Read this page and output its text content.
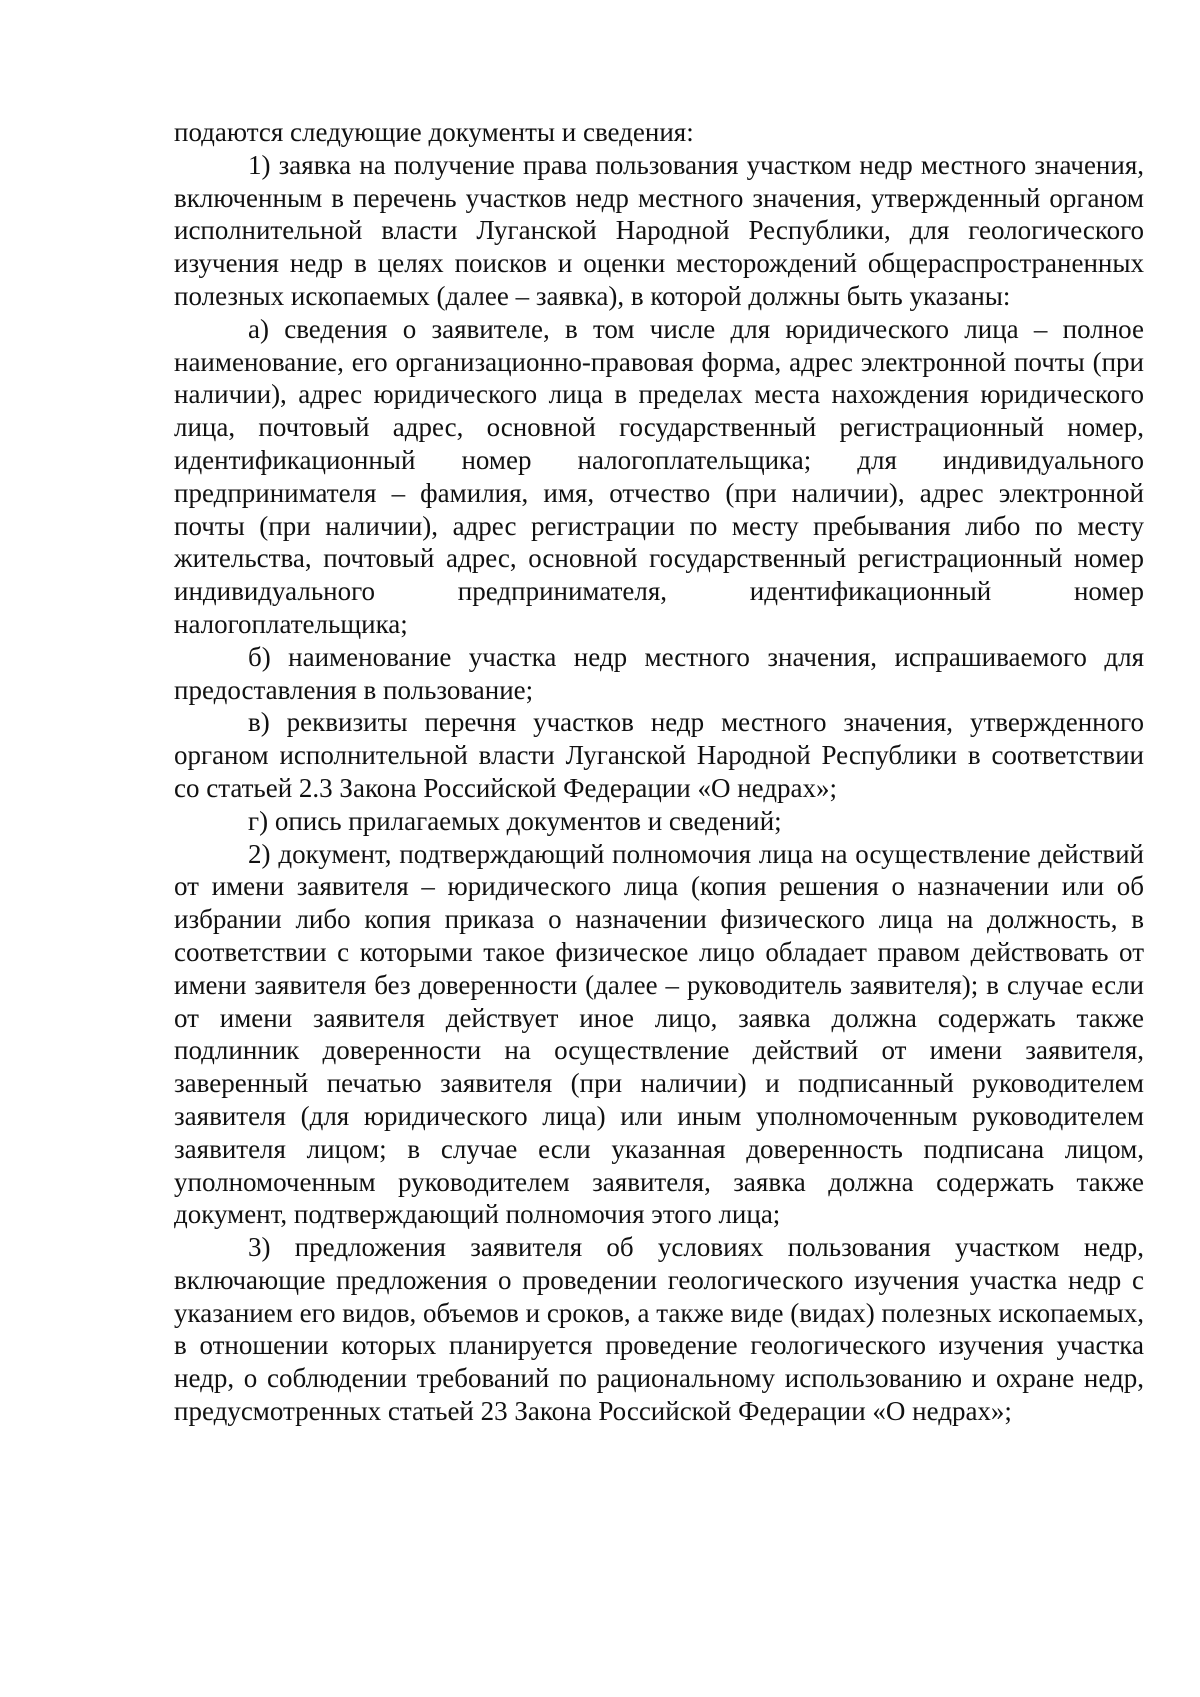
подаются следующие документы и сведения:

1) заявка на получение права пользования участком недр местного значения, включенным в перечень участков недр местного значения, утвержденный органом исполнительной власти Луганской Народной Республики, для геологического изучения недр в целях поисков и оценки месторождений общераспространенных полезных ископаемых (далее – заявка), в которой должны быть указаны:

а) сведения о заявителе, в том числе для юридического лица – полное наименование, его организационно-правовая форма, адрес электронной почты (при наличии), адрес юридического лица в пределах места нахождения юридического лица, почтовый адрес, основной государственный регистрационный номер, идентификационный номер налогоплательщика; для индивидуального предпринимателя – фамилия, имя, отчество (при наличии), адрес электронной почты (при наличии), адрес регистрации по месту пребывания либо по месту жительства, почтовый адрес, основной государственный регистрационный номер индивидуального предпринимателя, идентификационный номер налогоплательщика;

б) наименование участка недр местного значения, испрашиваемого для предоставления в пользование;

в) реквизиты перечня участков недр местного значения, утвержденного органом исполнительной власти Луганской Народной Республики в соответствии со статьей 2.3 Закона Российской Федерации «О недрах»;

г) опись прилагаемых документов и сведений;

2) документ, подтверждающий полномочия лица на осуществление действий от имени заявителя – юридического лица (копия решения о назначении или об избрании либо копия приказа о назначении физического лица на должность, в соответствии с которыми такое физическое лицо обладает правом действовать от имени заявителя без доверенности (далее – руководитель заявителя); в случае если от имени заявителя действует иное лицо, заявка должна содержать также подлинник доверенности на осуществление действий от имени заявителя, заверенный печатью заявителя (при наличии) и подписанный руководителем заявителя (для юридического лица) или иным уполномоченным руководителем заявителя лицом; в случае если указанная доверенность подписана лицом, уполномоченным руководителем заявителя, заявка должна содержать также документ, подтверждающий полномочия этого лица;

3) предложения заявителя об условиях пользования участком недр, включающие предложения о проведении геологического изучения участка недр с указанием его видов, объемов и сроков, а также виде (видах) полезных ископаемых, в отношении которых планируется проведение геологического изучения участка недр, о соблюдении требований по рациональному использованию и охране недр, предусмотренных статьей 23 Закона Российской Федерации «О недрах»;
